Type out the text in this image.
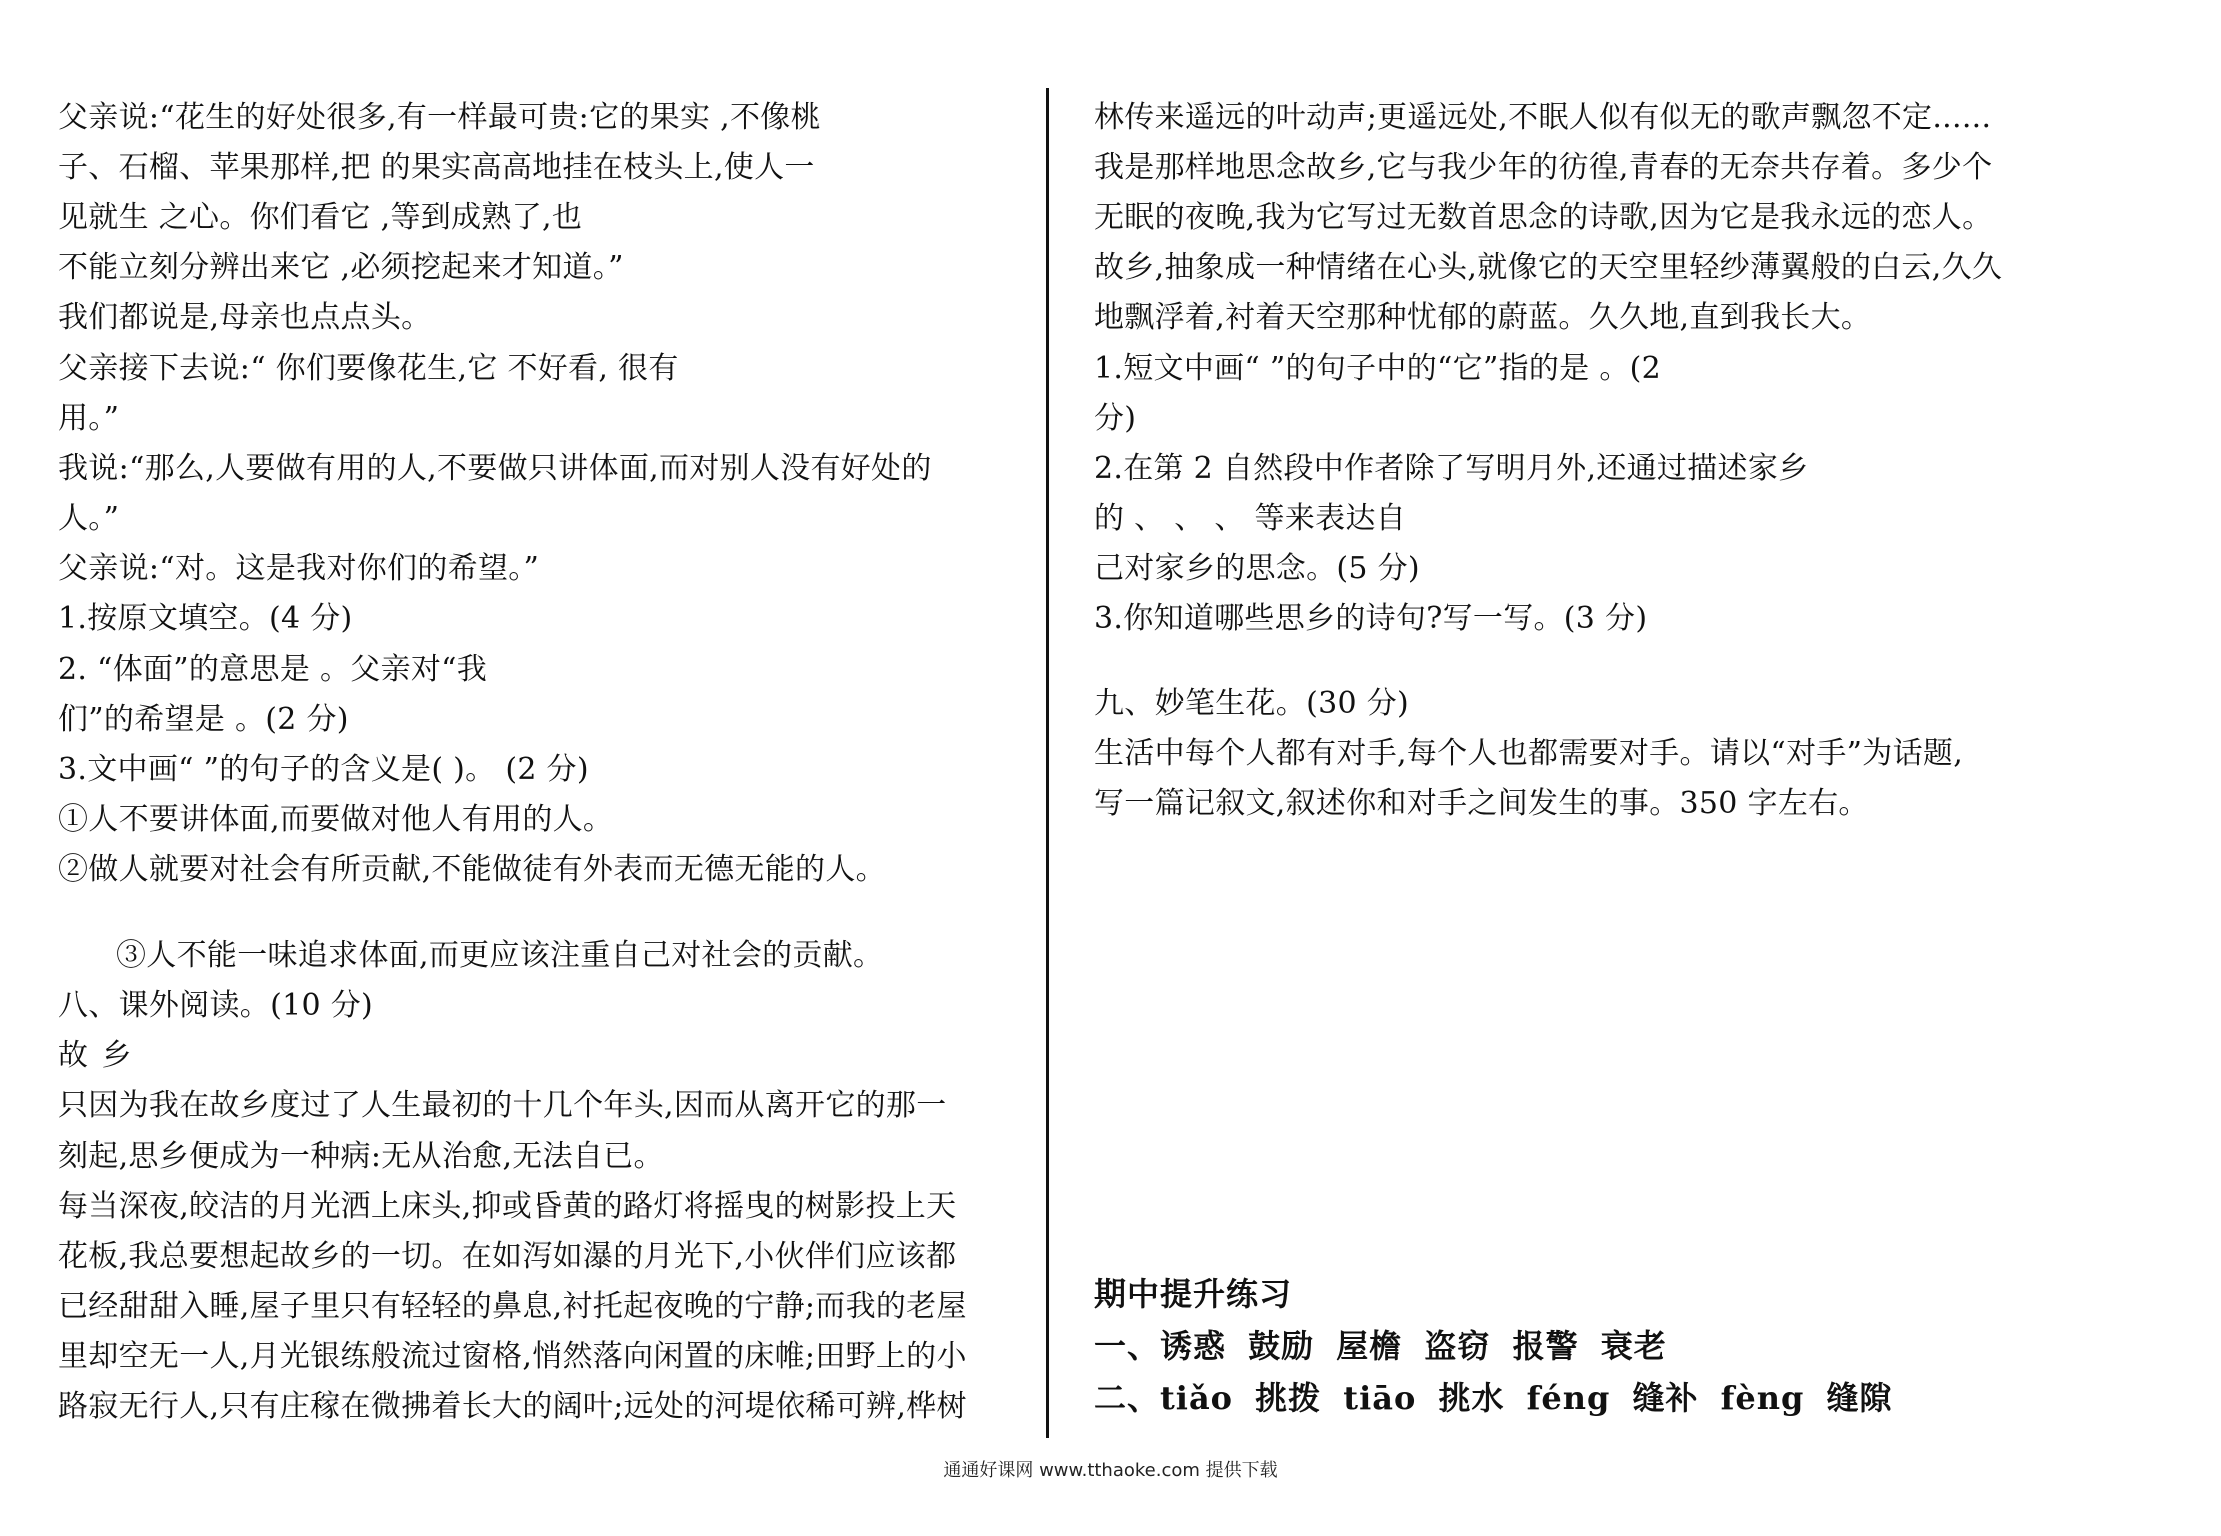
父亲说:“花生的好处很多,有一样最可贵:它的果实 ,不像桃
子、石榴、苹果那样,把 的果实高高地挂在枝头上,使人一
见就生 之心。你们看它 ,等到成熟了,也
不能立刻分辨出来它 ,必须挖起来才知道。”
我们都说是,母亲也点点头。
父亲接下去说:“ 你们要像花生,它 不好看, 很有
用。”
我说:“那么,人要做有用的人,不要做只讲体面,而对别人没有好处的
人。”
父亲说:“对。这是我对你们的希望。”
1.按原文填空。(4 分)
2. “体面”的意思是 。父亲对“我
们”的希望是 。(2 分)
3.文中画“ ”的句子的含义是( )。 (2 分)
①人不要讲体面,而要做对他人有用的人。
②做人就要对社会有所贡献,不能做徒有外表而无德无能的人。
③人不能一味追求体面,而更应该注重自己对社会的贡献。
八、课外阅读。(10 分)
故 乡
只因为我在故乡度过了人生最初的十几个年头,因而从离开它的那一
刻起,思乡便成为一种病:无从治愈,无法自已。
每当深夜,皎洁的月光洒上床头,抑或昏黄的路灯将摇曳的树影投上天
花板,我总要想起故乡的一切。在如泻如瀑的月光下,小伙伴们应该都
已经甜甜入睡,屋子里只有轻轻的鼻息,衬托起夜晚的宁静;而我的老屋
里却空无一人,月光银练般流过窗格,悄然落向闲置的床帷;田野上的小
路寂无行人,只有庄稼在微拂着长大的阔叶;远处的河堤依稀可辨,桦树
林传来遥远的叶动声;更遥远处,不眠人似有似无的歌声飘忽不定......
我是那样地思念故乡,它与我少年的彷徨,青春的无奈共存着。多少个
无眠的夜晚,我为它写过无数首思念的诗歌,因为它是我永远的恋人。
故乡,抽象成一种情绪在心头,就像它的天空里轻纱薄翼般的白云,久久
地飘浮着,衬着天空那种忧郁的蔚蓝。久久地,直到我长大。
1.短文中画“ ”的句子中的“它”指的是 。(2
分)
2.在第 2 自然段中作者除了写明月外,还通过描述家乡
的 、 、 、 等来表达自
己对家乡的思念。(5 分)
3.你知道哪些思乡的诗句?写一写。(3 分)
九、妙笔生花。(30 分)
生活中每个人都有对手,每个人也都需要对手。请以“对手”为话题,
写一篇记叙文,叙述你和对手之间发生的事。350 字左右。
期中提升练习
一、诱惑 鼓励 屋檐 盗窃 报警 衰老
二、tiǎo 挑拨 tiāo 挑水 féng 缝补 fèng 缝隙
通通好课网 www.tthaoke.com 提供下载
